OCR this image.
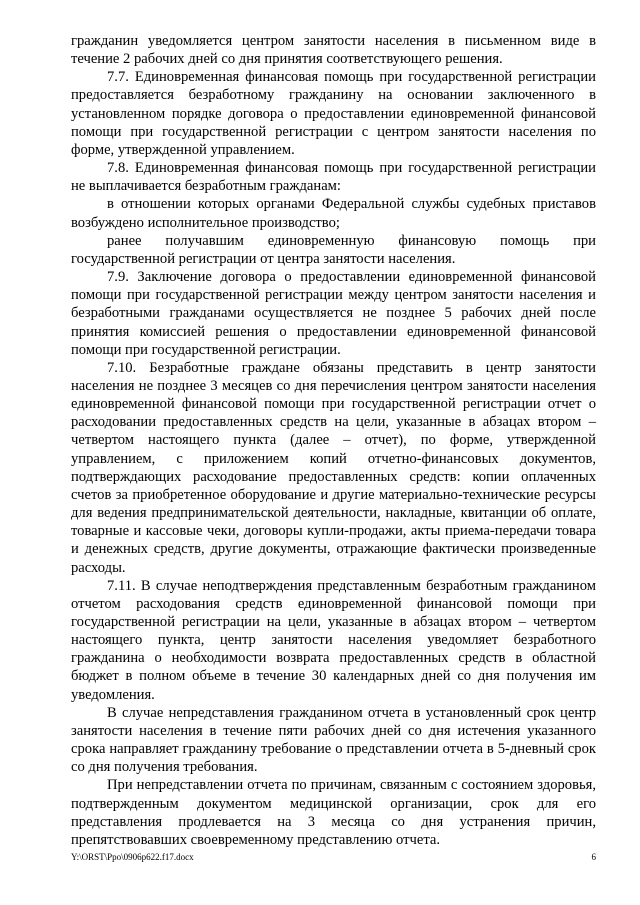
гражданин уведомляется центром занятости населения в письменном виде в течение 2 рабочих дней со дня принятия соответствующего решения.

7.7. Единовременная финансовая помощь при государственной регистрации предоставляется безработному гражданину на основании заключенного в установленном порядке договора о предоставлении единовременной финансовой помощи при государственной регистрации с центром занятости населения по форме, утвержденной управлением.

7.8. Единовременная финансовая помощь при государственной регистрации не выплачивается безработным гражданам:

в отношении которых органами Федеральной службы судебных приставов возбуждено исполнительное производство;

ранее получавшим единовременную финансовую помощь при государственной регистрации от центра занятости населения.

7.9. Заключение договора о предоставлении единовременной финансовой помощи при государственной регистрации между центром занятости населения и безработными гражданами осуществляется не позднее 5 рабочих дней после принятия комиссией решения о предоставлении единовременной финансовой помощи при государственной регистрации.

7.10. Безработные граждане обязаны представить в центр занятости населения не позднее 3 месяцев со дня перечисления центром занятости населения единовременной финансовой помощи при государственной регистрации отчет о расходовании предоставленных средств на цели, указанные в абзацах втором – четвертом настоящего пункта (далее – отчет), по форме, утвержденной управлением, с приложением копий отчетно-финансовых документов, подтверждающих расходование предоставленных средств: копии оплаченных счетов за приобретенное оборудование и другие материально-технические ресурсы для ведения предпринимательской деятельности, накладные, квитанции об оплате, товарные и кассовые чеки, договоры купли-продажи, акты приема-передачи товара и денежных средств, другие документы, отражающие фактически произведенные расходы.

7.11. В случае неподтверждения представленным безработным гражданином отчетом расходования средств единовременной финансовой помощи при государственной регистрации на цели, указанные в абзацах втором – четвертом настоящего пункта, центр занятости населения уведомляет безработного гражданина о необходимости возврата предоставленных средств в областной бюджет в полном объеме в течение 30 календарных дней со дня получения им уведомления.

В случае непредставления гражданином отчета в установленный срок центр занятости населения в течение пяти рабочих дней со дня истечения указанного срока направляет гражданину требование о представлении отчета в 5-дневный срок со дня получения требования.

При непредставлении отчета по причинам, связанным с состоянием здоровья, подтвержденным документом медицинской организации, срок для его представления продлевается на 3 месяца со дня устранения причин, препятствовавших своевременному представлению отчета.

Y:\ORST\Ppo\0906p622.f17.docx	6
